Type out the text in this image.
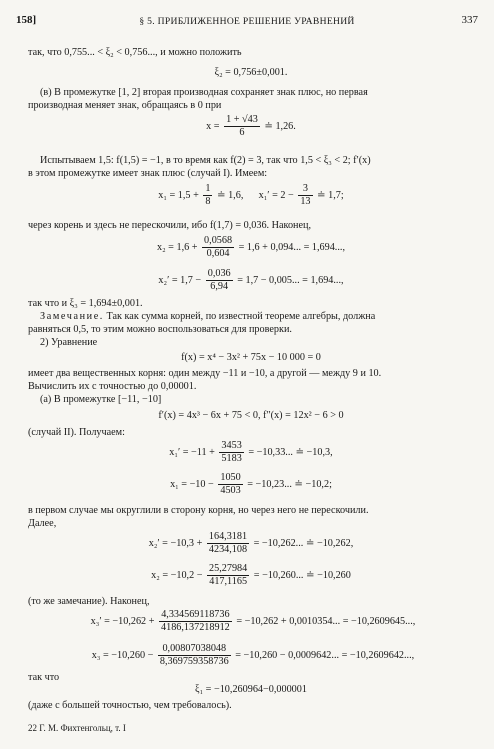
158]	§ 5. ПРИБЛИЖЕННОЕ РЕШЕНИЕ УРАВНЕНИЙ	337
так, что 0,755... < ξ₂ < 0,756..., и можно положить
ξ₂ = 0,756±0,001.
(в) В промежутке [1, 2] вторая производная сохраняет знак плюс, но первая
производная меняет знак, обращаясь в 0 при
$x = \frac{1 + √43}{6}$ ≐ 1,26.
Испытываем 1,5: f(1,5) = −1, в то время как f(2) = 3, так что 1,5 < ξ₃ < 2; f′(x)
в этом промежутке имеет знак плюс (случай I). Имеем:
$x_1 = 1,5 + \frac{1}{8}$ ≐ 1,6, $x_1' = 2 - \frac{3}{13}$ ≐ 1,7;
через корень и здесь не перескочили, ибо f(1,7) = 0,036. Наконец,
$x_2 = 1,6 + \frac{0,0568}{0,604} = 1,6 + 0,094$... = 1,694...,
$x_2' = 1,7 - \frac{0,036}{6,94} = 1,7 - 0,005$... = 1,694...,
так что и ξ₃ = 1,694±0,001.
Замечание. Так как сумма корней, по известной теореме алгебры, должна
равняться 0,5, то этим можно воспользоваться для проверки.
2) Уравнение
f(x) = x⁴ − 3x² + 75x − 10 000 = 0
имеет два вещественных корня: один между −11 и −10, а другой — между 9 и 10.
Вычислить их с точностью до 0,00001.
(а) В промежутке [−11, −10]
f′(x) = 4x³ − 6x + 75 < 0, f″(x) = 12x² − 6 > 0
(случай II). Получаем:
$x_1' = -11 + \frac{3453}{5183} = -10,33$... ≐ −10,3,
$x_1 = -10 - \frac{1050}{4503} = -10,23$... ≐ −10,2;
в первом случае мы округлили в сторону корня, но через него не перескочили.
Далее,
$x_2' = -10,3 + \frac{164,3181}{4234,108} = -10,262$... ≐ −10,262,
$x_2 = -10,2 - \frac{25,27984}{417,1165} = -10,260$... ≐ −10,260
(то же замечание). Наконец,
$x_3' = -10,262 + \frac{4,334569118736}{4186,137218912} = -10,262 + 0,0010354$... = −10,2609645...,
$x_3 = -10,260 - \frac{0,00807038048}{8,369759358736} = -10,260 - 0,0009642$... = −10,2609642...,
так что
ξ₁ = −10,260964−0,000001
(даже с большей точностью, чем требовалось).
22 Г. М. Фихтенгольц, т. I
